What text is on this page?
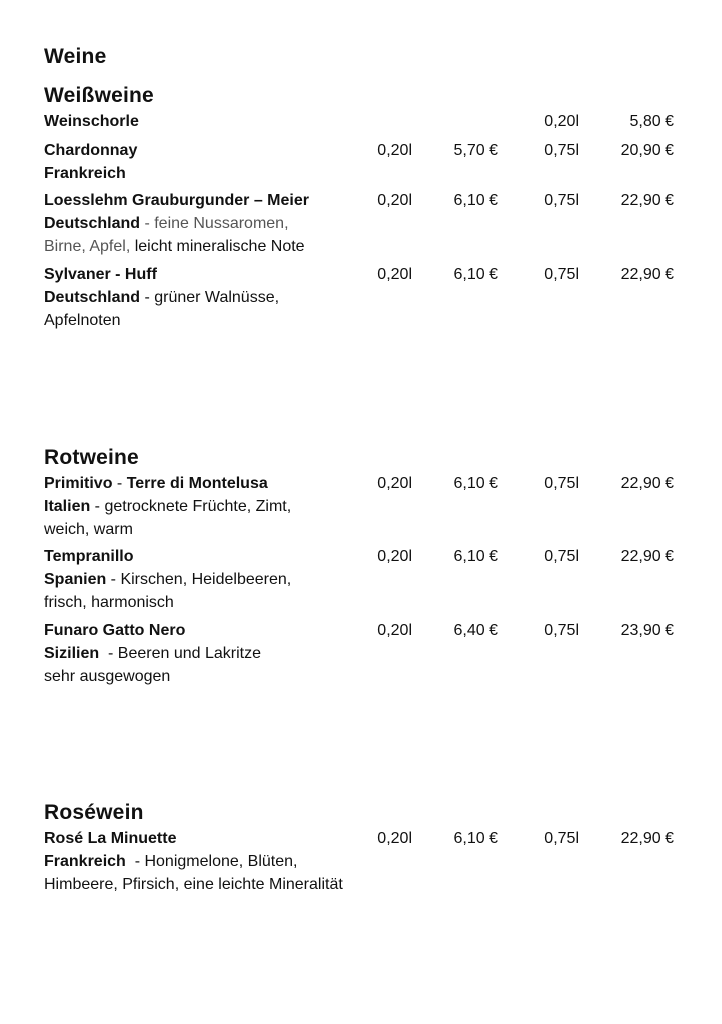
Weine
Weißweine
Weinschorle	0,20l	5,80 €
Chardonnay	0,20l	5,70 €	0,75l	20,90 €
Frankreich
Loesslehm Grauburgunder – Meier	0,20l	6,10 €	0,75l	22,90 €
Deutschland - feine Nussaromen,
Birne, Apfel, leicht mineralische Note
Sylvaner - Huff	0,20l	6,10 €	0,75l	22,90 €
Deutschland - grüner Walnüsse,
Apfelnoten
Rotweine
Primitivo - Terre di Montelusa	0,20l	6,10 €	0,75l	22,90 €
Italien - getrocknete Früchte, Zimt,
weich, warm
Tempranillo	0,20l	6,10 €	0,75l	22,90 €
Spanien - Kirschen, Heidelbeeren,
frisch, harmonisch
Funaro Gatto Nero	0,20l	6,40 €	0,75l	23,90 €
Sizilien  - Beeren und Lakritze
sehr ausgewogen
Roséwein
Rosé La Minuette	0,20l	6,10 €	0,75l	22,90 €
Frankreich  - Honigmelone, Blüten,
Himbeere, Pfirsich, eine leichte Mineralität
